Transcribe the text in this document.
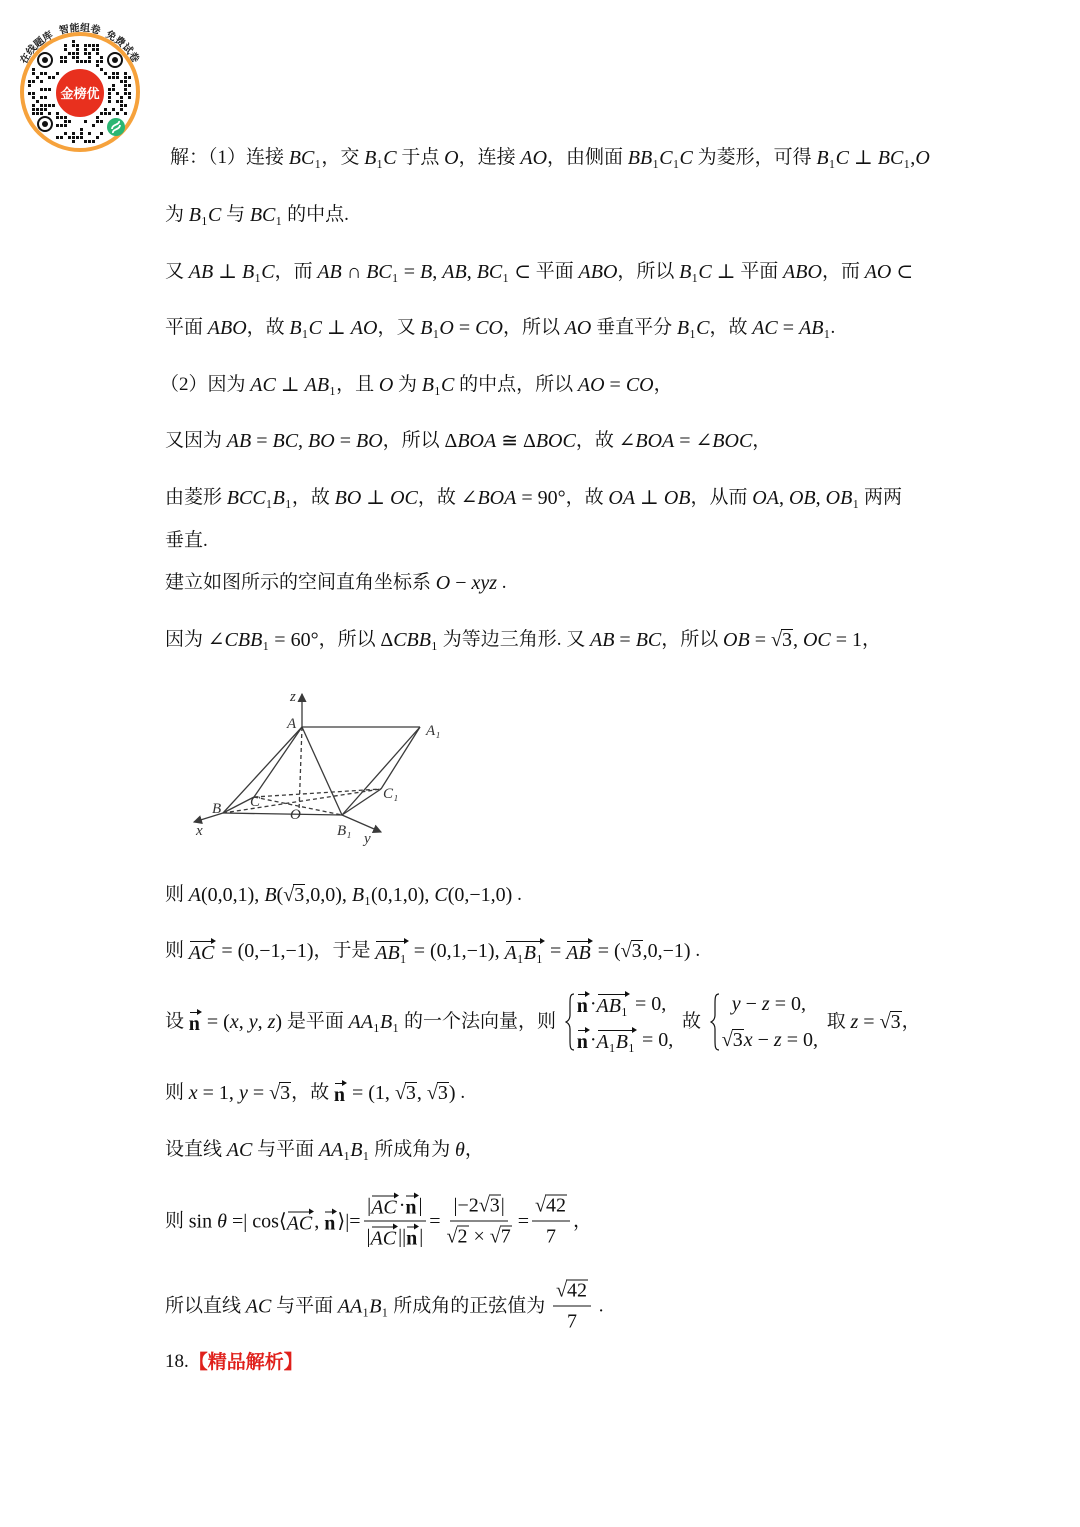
金榜优
在线题库 智能组卷 免费试卷
解：（1）连接 BC₁ ，交 B₁C 于点 O ，连接 AO ，由侧面 BB₁C₁C 为菱形，可得 B₁C ⊥ BC₁,O
为 B₁C 与 BC₁ 的中点.
又 AB ⊥ B₁C ，而 AB ∩ BC₁ = B, AB, BC₁ ⊂ 平面 ABO ，所以 B₁C ⊥ 平面 ABO ，而 AO ⊂
平面 ABO ，故 B₁C ⊥ AO ，又 B₁O = CO ，所以 AO 垂直平分 B₁C ，故 AC = AB₁ .
（2）因为 AC ⊥ AB₁ ，且 O 为 B₁C 的中点，所以 AO = CO ，
又因为 AB = BC, BO = BO ，所以 ΔBOA ≅ ΔBOC ，故 ∠BOA = ∠BOC ，
由菱形 BCC₁B₁ ，故 BO ⊥ OC ，故 ∠BOA = 90° ，故 OA ⊥ OB ，从而 OA, OB, OB₁ 两两
垂直.
建立如图所示的空间直角坐标系 O − xyz .
因为 ∠CBB₁ = 60° ，所以 ΔCBB₁ 为等边三角形. 又 AB = BC ，所以 OB = √3, OC = 1 ，
z
A	A₁
C₁
B C
O
B₁ y
x
则 A(0,0,1), B(√3,0,0), B₁(0,1,0), C(0,−1,0) .
则 AC = (0,−1,−1) ，于是 AB₁ = (0,1,−1), A₁B₁ = AB = (√3,0,−1) .
设 n = (x, y, z) 是平面 AA₁B₁ 的一个法向量，则
n · AB₁ = 0,
n · A₁B₁ = 0,
故
y − z = 0,
√3x − z = 0,
取 z = √3 ，
则 x = 1, y = √3 ，故 n = (1, √3, √3) .
设直线 AC 与平面 AA₁B₁ 所成角为 θ ，
则 sin θ =| cos⟨ AC , n ⟩|= $\frac{| AC \cdot n |}{| AC || n |} = \frac{|-2√3|}{√2 \times √7} = \frac{√42}{7}$ ，
所以直线 AC 与平面 AA₁B₁ 所成角的正弦值为 $\frac{√42}{7}$ .
18. 【精品解析】
